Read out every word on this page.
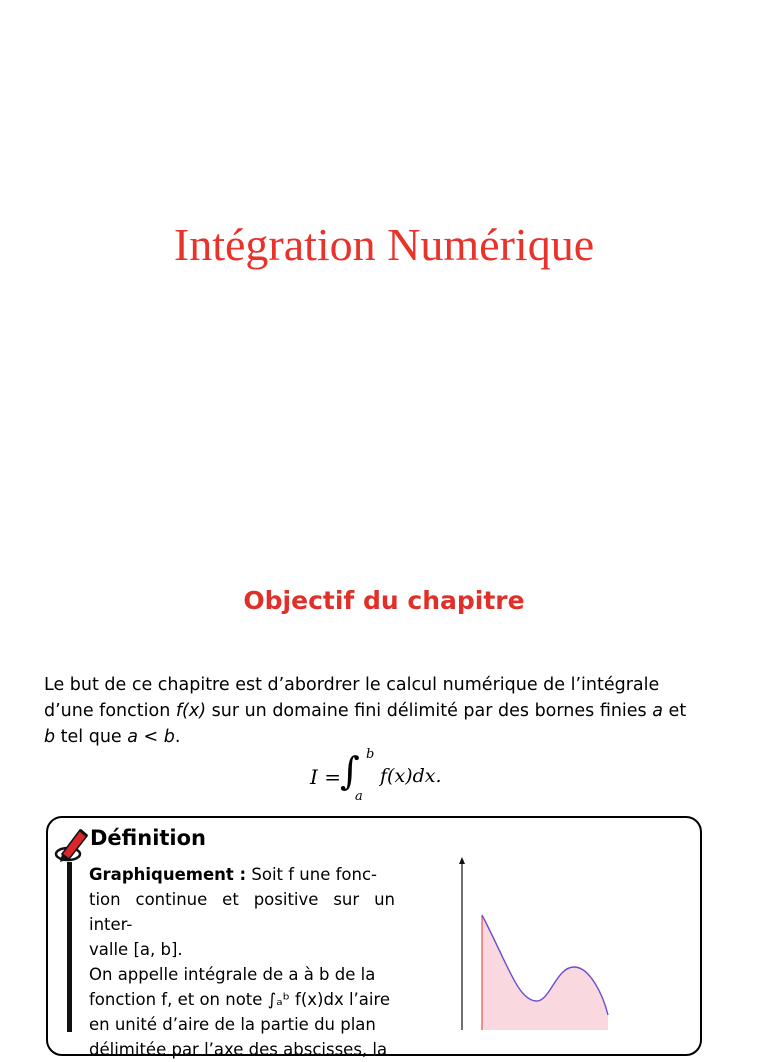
Intégration Numérique
Objectif du chapitre

Le but de ce chapitre est d’abordrer le calcul numérique de l’intégrale

d’une fonction f(x) sur un domaine fini délimité par des bornes finies a et

b tel que a < b.

I =
∫ b
a
f(x)dx.
Définition

Graphiquement : Soit f une fonc-

tion continue et positive sur un inter-

valle [a, b].

On appelle intégrale de a à b de la

fonction f, et on note ∫ₐᵇ f(x)dx l’aire

en unité d’aire de la partie du plan

délimitée par l’axe des abscisses, la
